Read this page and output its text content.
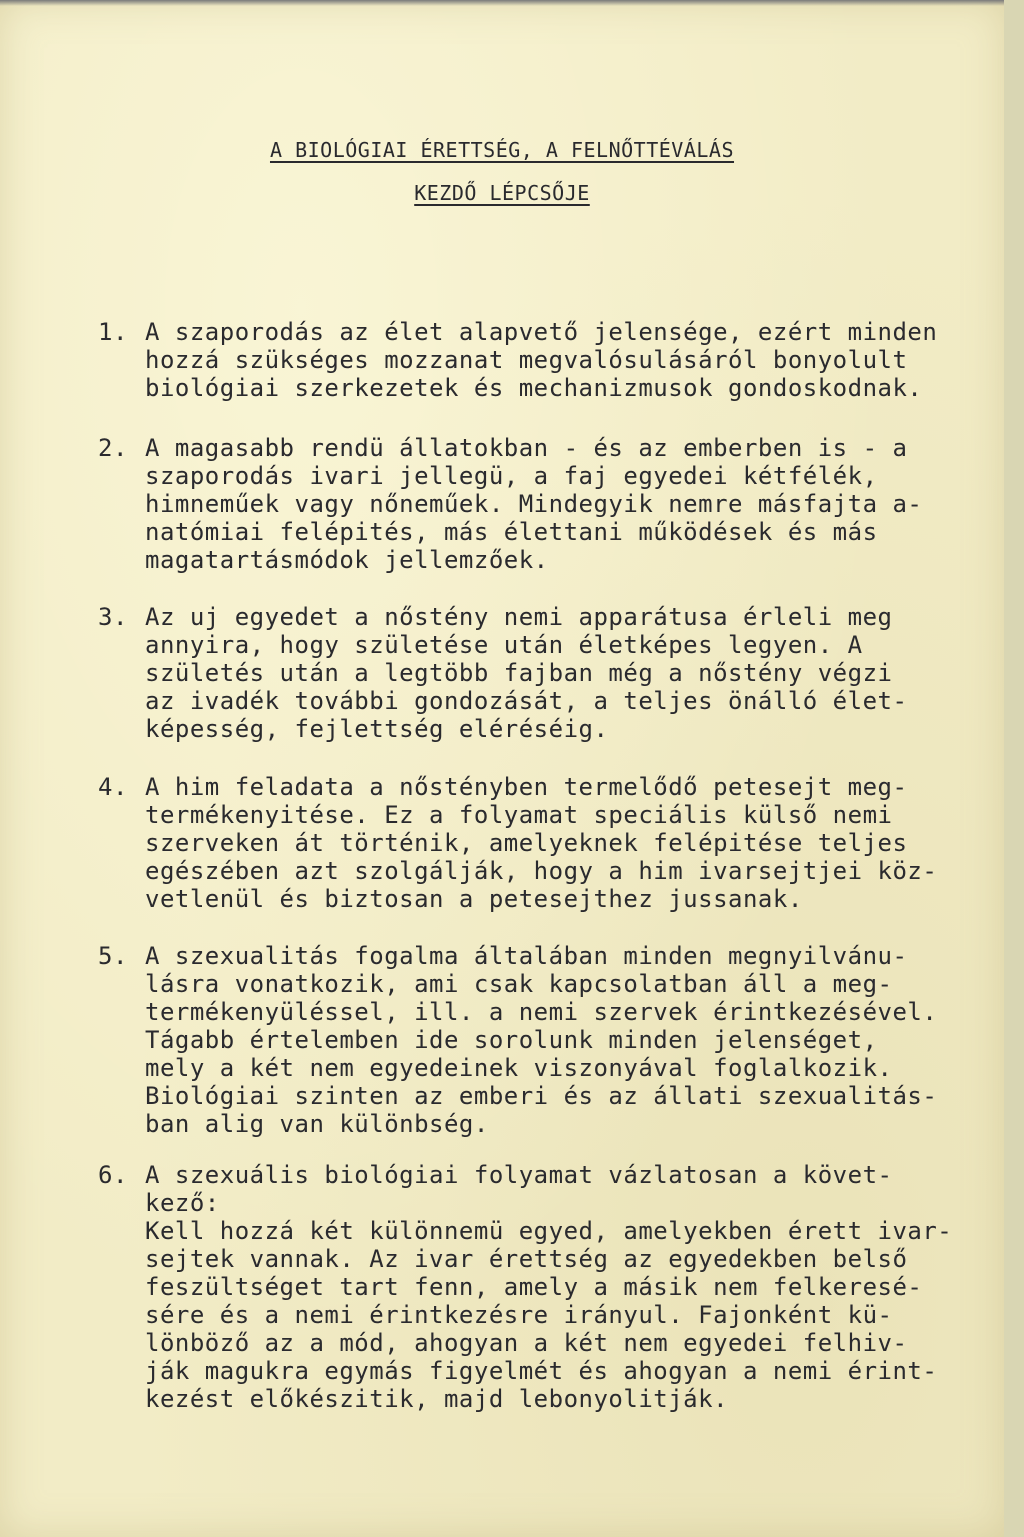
A BIOLÓGIAI ÉRETTSÉG, A FELNŐTTÉVÁLÁS
KEZDŐ LÉPCSŐJE
1. A szaporodás az élet alapvető jelensége, ezért minden
hozzá szükséges mozzanat megvalósulásáról bonyolult
biológiai szerkezetek és mechanizmusok gondoskodnak.
2. A magasabb rendü állatokban - és az emberben is - a
szaporodás ivari jellegü, a faj egyedei kétfélék,
himneműek vagy nőneműek. Mindegyik nemre másfajta a-
natómiai felépités, más élettani működések és más
magatartásmódok jellemzőek.
3. Az uj egyedet a nőstény nemi apparátusa érleli meg
annyira, hogy születése után életképes legyen. A
születés után a legtöbb fajban még a nőstény végzi
az ivadék további gondozását, a teljes önálló élet-
képesség, fejlettség eléréséig.
4. A him feladata a nőstényben termelődő petesejt meg-
termékenyitése. Ez a folyamat speciális külső nemi
szerveken át történik, amelyeknek felépitése teljes
egészében azt szolgálják, hogy a him ivarsejtjei köz-
vetlenül és biztosan a petesejthez jussanak.
5. A szexualitás fogalma általában minden megnyilvánu-
lásra vonatkozik, ami csak kapcsolatban áll a meg-
termékenyüléssel, ill. a nemi szervek érintkezésével.
Tágabb értelemben ide sorolunk minden jelenséget,
mely a két nem egyedeinek viszonyával foglalkozik.
Biológiai szinten az emberi és az állati szexualitás-
ban alig van különbség.
6. A szexuális biológiai folyamat vázlatosan a követ-
kező:
Kell hozzá két különnemü egyed, amelyekben érett ivar-
sejtek vannak. Az ivar érettség az egyedekben belső
feszültséget tart fenn, amely a másik nem felkeresé-
sére és a nemi érintkezésre irányul. Fajonként kü-
lönböző az a mód, ahogyan a két nem egyedei felhiv-
ják magukra egymás figyelmét és ahogyan a nemi érint-
kezést előkészitik, majd lebonyolitják.
